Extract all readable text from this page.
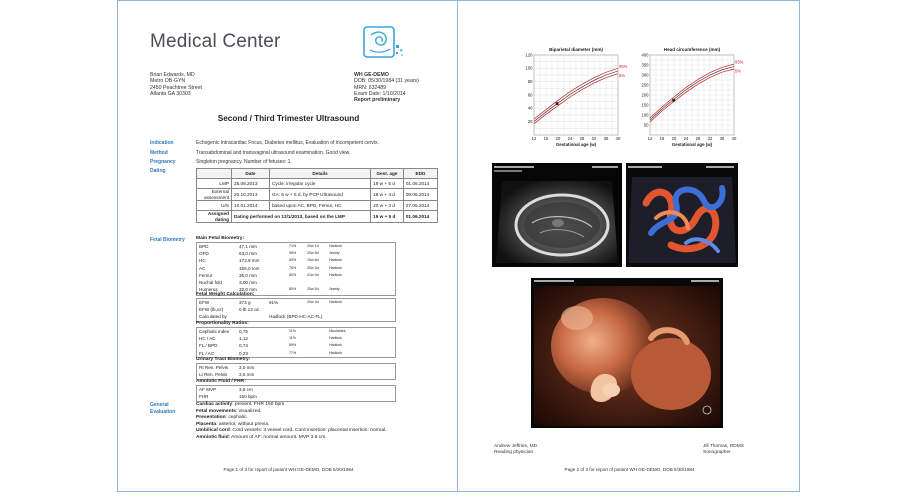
Medical Center
Brian Edwards, MD
Metro OB-GYN
2450 Peachtree Street
Atlanta GA 30303
WH GE-DEMO
DOB: 05/30/1984 (31 years)
MRN: 632489
Exam Date: 1/10/2014
Report preliminary
Second / Third Trimester Ultrasound
Indication	Echogenic Intracardiac Focus, Diabetes mellitus, Evaluation of incompetent cervix.
Method	Transabdominal and transvaginal ultrasound examination. Good view.
Pregnancy	Singleton pregnancy. Number of fetuses: 1.
Dating
		Date	Details	Gest. age	EDD
LMP	25.08.2013	Cycle: irregular cycle	19 w + 5 d	01.06.2014
External assessment	20.10.2013	GA: 6 w + 6 d, by PCP Ultrasound	18 w + 4 d	09.06.2014
U/S	10.01.2014	based upon AC, BPD, Femur, HC	20 w + 3 d	27.05.2014
Assigned dating	Dating performed on 12/1/2013, based on the LMP		19 w + 5 d	01.06.2014
Fetal Biometry Main Fetal Biometry:
BPD	47,1 mm	71%	20w 1d	Hadlock
OFD	63,0 mm	95%	20w 5d	Jeanty
HC	173,9 mm	53%	19w 6d	Hadlock
AC	155,0 mm	76%	20w 3d	Hadlock
Femur	35,0 mm	80%	21w 0d	Hadlock
Nuchal fold	3,00 mm
Humerus	32,0 mm	80%	20w 5d	Jeanty
Fetal Weight Calculation:
EFW	373 g	91%	20w 4d	Hadlock
EFW (lb,oz)	0 lb 13 oz
Calculated by	Hadlock (BPD-HC-AC-FL)
Proportionality Ratios:
Cephalic index 0,75	11%	Nicolaides
HC / AC	1,12	11%	Hadlock
FL / BPD	0,74	89%	Hadlock
FL / AC	0,23	77%	Hadlock
Urinary Tract Biometry:
Rt Ren. Pelvis 3,0 mm
Lt Ren. Pelvis	3,5 mm
Amniotic Fluid / FHR:
AF MVP	3,8 cm
FHR	150 bpm
General
Evaluation
Cardiac activity: present. FHR 150 bpm.
Fetal movements: visualized.
Presentation: cephalic.
Placenta: anterior, without previa.
Umbilical cord: Cord vessels: 3 vessel cord. Cord insertion: placental insertion: normal.
Amniotic fluid: Amount of AF: normal amount. MVP 3.8 cm.
Page 1 of 3 for report of patient WH GE-DEMO, DOB 5/30/1984
Biparietal diameter (mm)
12 16 20 24 28 32 36 40
20
40
60
80
100
120
Gestational age (w)
95%
5%
Head circumference (mm)
12 16 20 24 28 32 36 40
50
100
150
200
250
300
350
400
Gestational age (w)
95%
5%
Andrew Jeffries, MD
Reading physician
Jill Thomas, RDMS
Sonographer
Page 2 of 3 for report of patient WH GE-DEMO, DOB 5/30/1984
